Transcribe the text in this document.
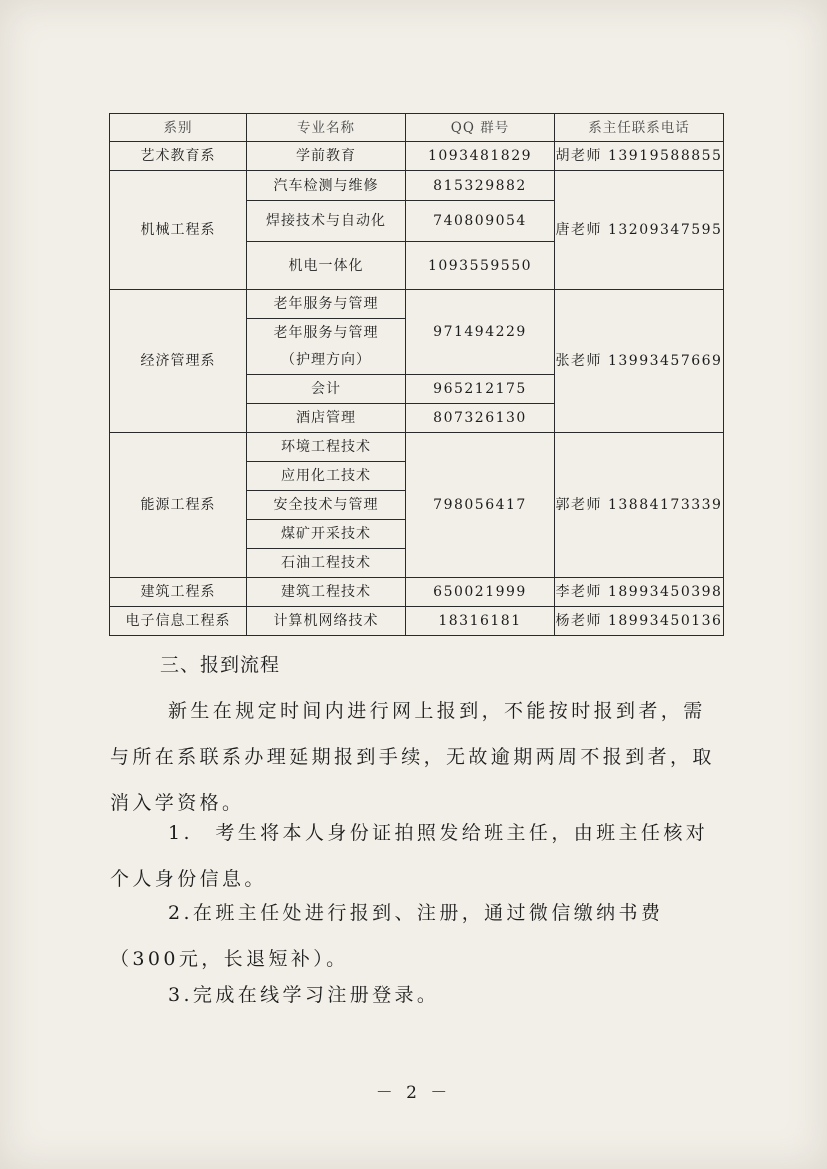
系别	专业名称	QQ 群号	系主任联系电话
艺术教育系	学前教育	1093481829	胡老师 13919588855
机械工程系	汽车检测与维修	815329882	唐老师 13209347595
	焊接技术与自动化	740809054	
	机电一体化	1093559550	
经济管理系	老年服务与管理	971494229	张老师 13993457669

	老年服务与管理
（护理方向）		

	会计	965212175	
	酒店管理	807326130	
能源工程系	环境工程技术	798056417	郭老师 13884173339
	应用化工技术		
	安全技术与管理		
	煤矿开采技术		
	石油工程技术		
建筑工程系	建筑工程技术	650021999	李老师 18993450398
电子信息工程系	计算机网络技术	18316181	杨老师 18993450136
三、报到流程
新生在规定时间内进行网上报到，不能按时报到者，需与所在系联系办理延期报到手续，无故逾期两周不报到者，取消入学资格。
1.　考生将本人身份证拍照发给班主任，由班主任核对个人身份信息。
2.在班主任处进行报到、注册，通过微信缴纳书费（300元，长退短补）。
3.完成在线学习注册登录。
－ 2 －
